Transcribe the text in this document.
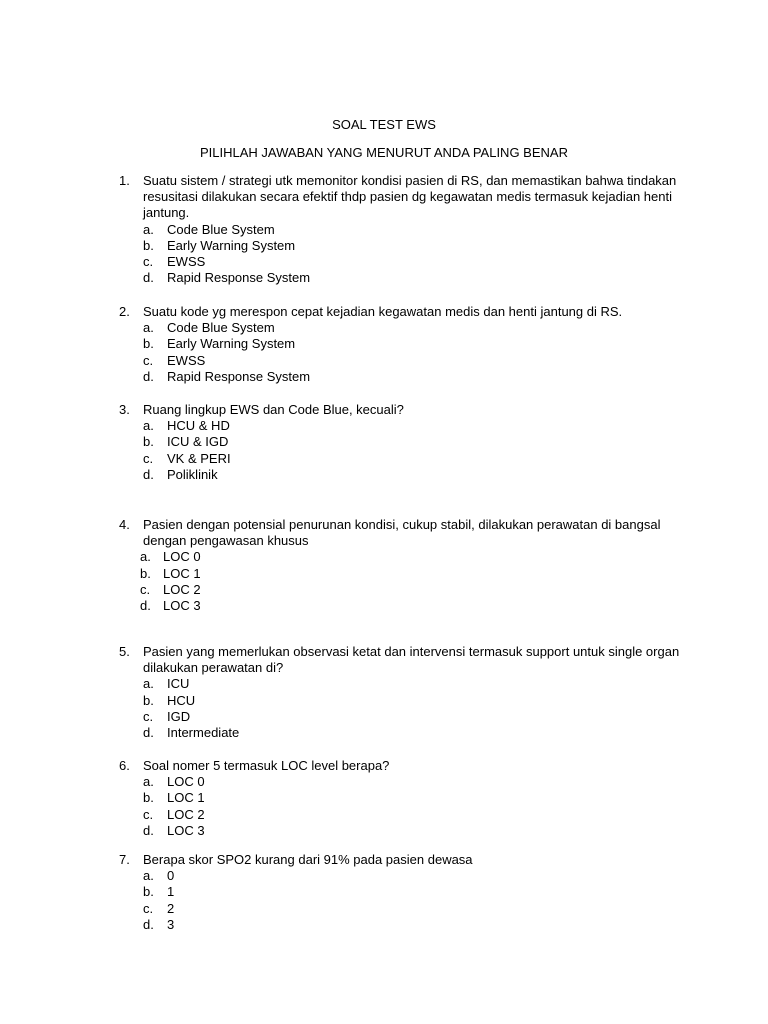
SOAL TEST EWS
PILIHLAH JAWABAN YANG MENURUT ANDA PALING BENAR
1. Suatu sistem / strategi utk memonitor kondisi pasien di RS, dan memastikan bahwa tindakan resusitasi dilakukan secara efektif thdp pasien dg kegawatan medis termasuk kejadian henti jantung.
a. Code Blue System
b. Early Warning System
c. EWSS
d. Rapid Response System
2. Suatu kode yg merespon cepat kejadian kegawatan medis dan henti jantung di RS.
a. Code Blue System
b. Early Warning System
c. EWSS
d. Rapid Response System
3. Ruang lingkup EWS dan Code Blue, kecuali?
a. HCU & HD
b. ICU & IGD
c. VK & PERI
d. Poliklinik
4. Pasien dengan potensial penurunan kondisi, cukup stabil, dilakukan perawatan di bangsal dengan pengawasan khusus
a. LOC 0
b. LOC 1
c. LOC 2
d. LOC 3
5. Pasien yang memerlukan observasi ketat dan intervensi termasuk support untuk single organ dilakukan perawatan di?
a. ICU
b. HCU
c. IGD
d. Intermediate
6. Soal nomer 5 termasuk LOC level berapa?
a. LOC 0
b. LOC 1
c. LOC 2
d. LOC 3
7. Berapa skor SPO2 kurang dari 91% pada pasien dewasa
a. 0
b. 1
c. 2
d. 3
